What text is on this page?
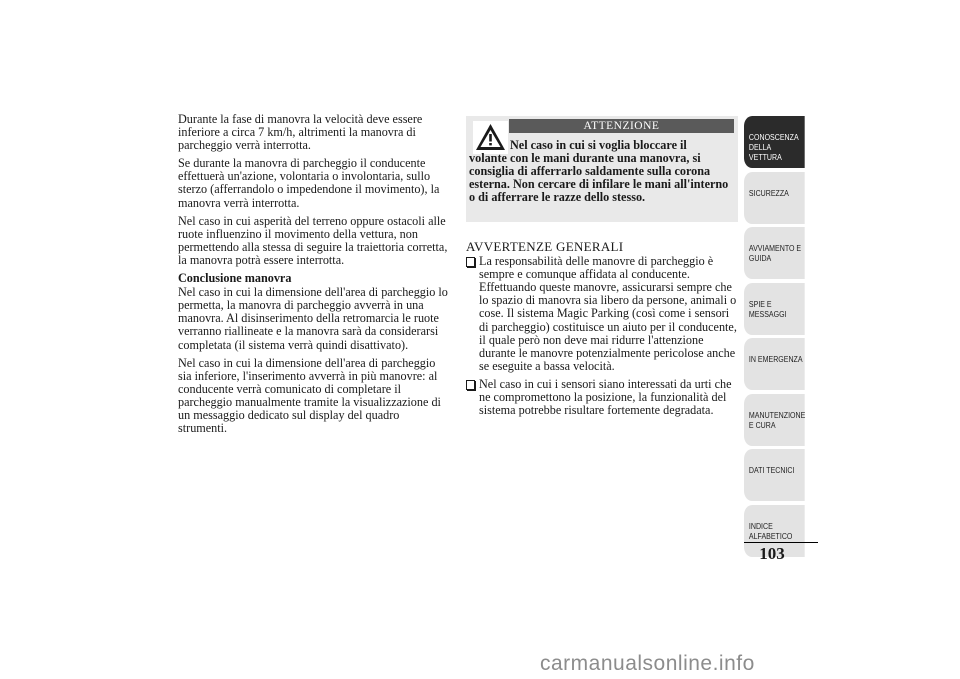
Durante la fase di manovra la velocità deve essere inferiore a circa 7 km/h, altrimenti la manovra di parcheggio verrà interrotta.

Se durante la manovra di parcheggio il conducente effettuerà un'azione, volontaria o involontaria, sullo sterzo (afferrandolo o impedendone il movimento), la manovra verrà interrotta.

Nel caso in cui asperità del terreno oppure ostacoli alle ruote influenzino il movimento della vettura, non permettendo alla stessa di seguire la traiettoria corretta, la manovra potrà essere interrotta.

Conclusione manovra

Nel caso in cui la dimensione dell'area di parcheggio lo permetta, la manovra di parcheggio avverrà in una manovra. Al disinserimento della retromarcia le ruote verranno riallineate e la manovra sarà da considerarsi completata (il sistema verrà quindi disattivato).

Nel caso in cui la dimensione dell'area di parcheggio sia inferiore, l'inserimento avverrà in più manovre: al conducente verrà comunicato di completare il parcheggio manualmente tramite la visualizzazione di un messaggio dedicato sul display del quadro strumenti.

ATTENZIONE
Nel caso in cui si voglia bloccare il
volante con le mani durante una manovra, si consiglia di afferrarlo saldamente sulla corona esterna. Non cercare di infilare le mani all'interno o di afferrare le razze dello stesso.
AVVERTENZE GENERALI
La responsabilità delle manovre di parcheggio è sempre e comunque affidata al conducente. Effettuando queste manovre, assicurarsi sempre che lo spazio di manovra sia libero da persone, animali o cose. Il sistema Magic Parking (così come i sensori di parcheggio) costituisce un aiuto per il conducente, il quale però non deve mai ridurre l'attenzione durante le manovre potenzialmente pericolose anche se eseguite a bassa velocità.
Nel caso in cui i sensori siano interessati da urti che ne compromettono la posizione, la funzionalità del sistema potrebbe risultare fortemente degradata.
CONOSCENZA DELLA VETTURA
SICUREZZA
AVVIAMENTO E GUIDA
SPIE E MESSAGGI
IN EMERGENZA
MANUTENZIONE E CURA
DATI TECNICI
INDICE ALFABETICO
103
carmanualsonline.info
